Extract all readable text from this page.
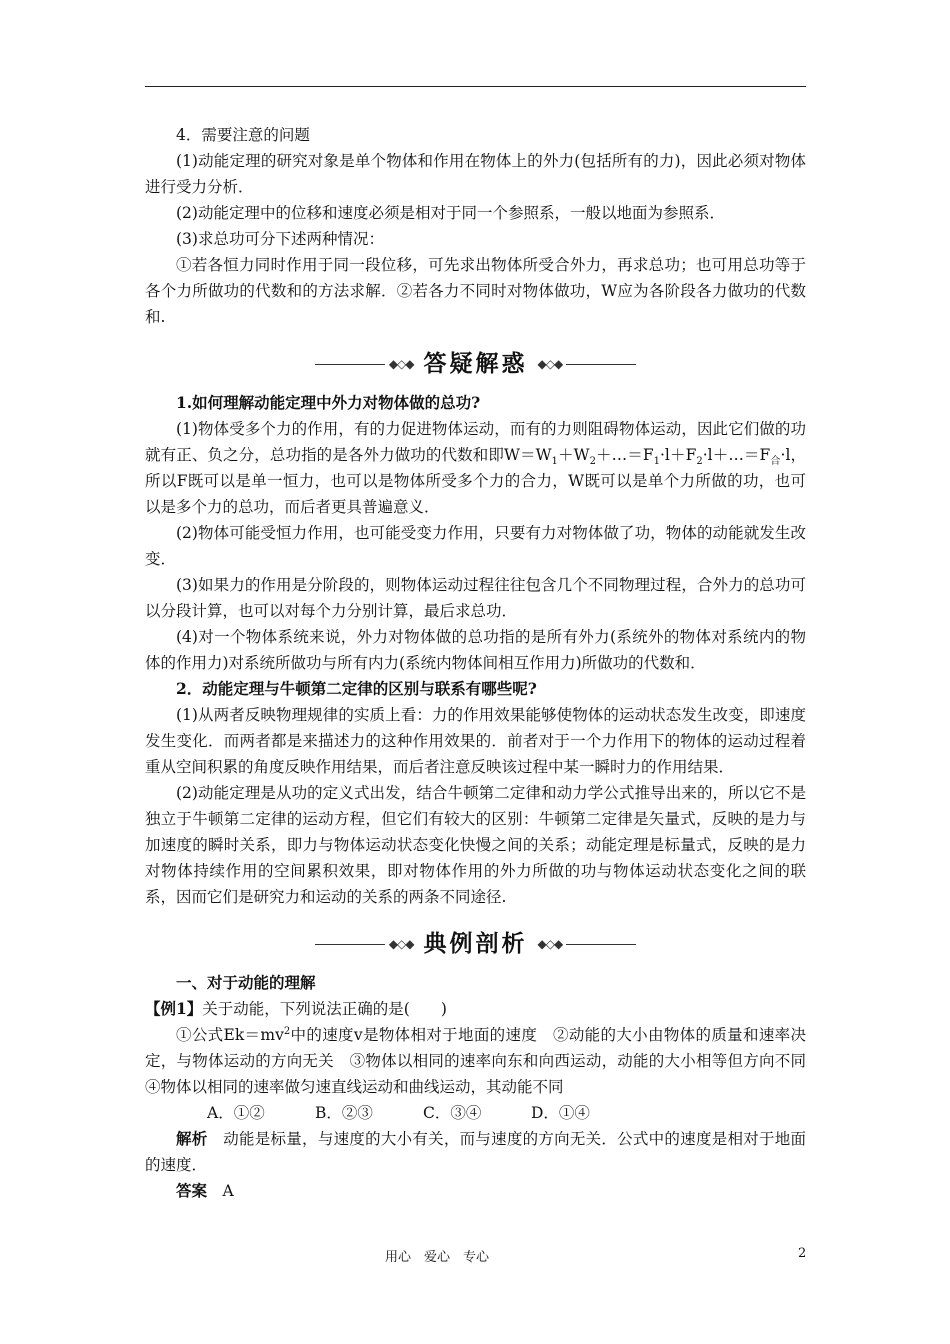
4．需要注意的问题

(1)动能定理的研究对象是单个物体和作用在物体上的外力(包括所有的力)，因此必须对物体进行受力分析．

(2)动能定理中的位移和速度必须是相对于同一个参照系，一般以地面为参照系．

(3)求总功可分下述两种情况：

①若各恒力同时作用于同一段位移，可先求出物体所受合外力，再求总功；也可用总功等于各个力所做功的代数和的方法求解．②若各力不同时对物体做功，W应为各阶段各力做功的代数和.

◆◇◆ 答疑解惑 ◆◇◆

1.如何理解动能定理中外力对物体做的总功?

(1)物体受多个力的作用，有的力促进物体运动，而有的力则阻碍物体运动，因此它们做的功就有正、负之分，总功指的是各外力做功的代数和即$W=W_1+W_2+\dots=F_1\cdot l+F_2\cdot l+\dots=F_合\cdot l$，所以F既可以是单一恒力，也可以是物体所受多个力的合力，W既可以是单个力所做的功，也可以是多个力的总功，而后者更具普遍意义．

(2)物体可能受恒力作用，也可能受变力作用，只要有力对物体做了功，物体的动能就发生改变．

(3)如果力的作用是分阶段的，则物体运动过程往往包含几个不同物理过程，合外力的总功可以分段计算，也可以对每个力分别计算，最后求总功．

(4)对一个物体系统来说，外力对物体做的总功指的是所有外力(系统外的物体对系统内的物体的作用力)对系统所做功与所有内力(系统内物体间相互作用力)所做功的代数和．

2．动能定理与牛顿第二定律的区别与联系有哪些呢?

(1)从两者反映物理规律的实质上看：力的作用效果能够使物体的运动状态发生改变，即速度发生变化．而两者都是来描述力的这种作用效果的．前者对于一个力作用下的物体的运动过程着重从空间积累的角度反映作用结果，而后者注意反映该过程中某一瞬时力的作用结果．

(2)动能定理是从功的定义式出发，结合牛顿第二定律和动力学公式推导出来的，所以它不是独立于牛顿第二定律的运动方程，但它们有较大的区别：牛顿第二定律是矢量式，反映的是力与加速度的瞬时关系，即力与物体运动状态变化快慢之间的关系；动能定理是标量式，反映的是力对物体持续作用的空间累积效果，即对物体作用的外力所做的功与物体运动状态变化之间的联系，因而它们是研究力和运动的关系的两条不同途径.

◆◇◆ 典例剖析 ◆◇◆

一、对于动能的理解

【例1】关于动能，下列说法正确的是(　　)

①公式$Ek=mv^2$中的速度v是物体相对于地面的速度　②动能的大小由物体的质量和速率决定，与物体运动的方向无关　③物体以相同的速率向东和向西运动，动能的大小相等但方向不同　④物体以相同的速率做匀速直线运动和曲线运动，其动能不同

A．①②	B．②③	C．③④	D．①④

解析　 动能是标量，与速度的大小有关，而与速度的方向无关．公式中的速度是相对于地面的速度．

答案　 A

用心　爱心　专心	2
